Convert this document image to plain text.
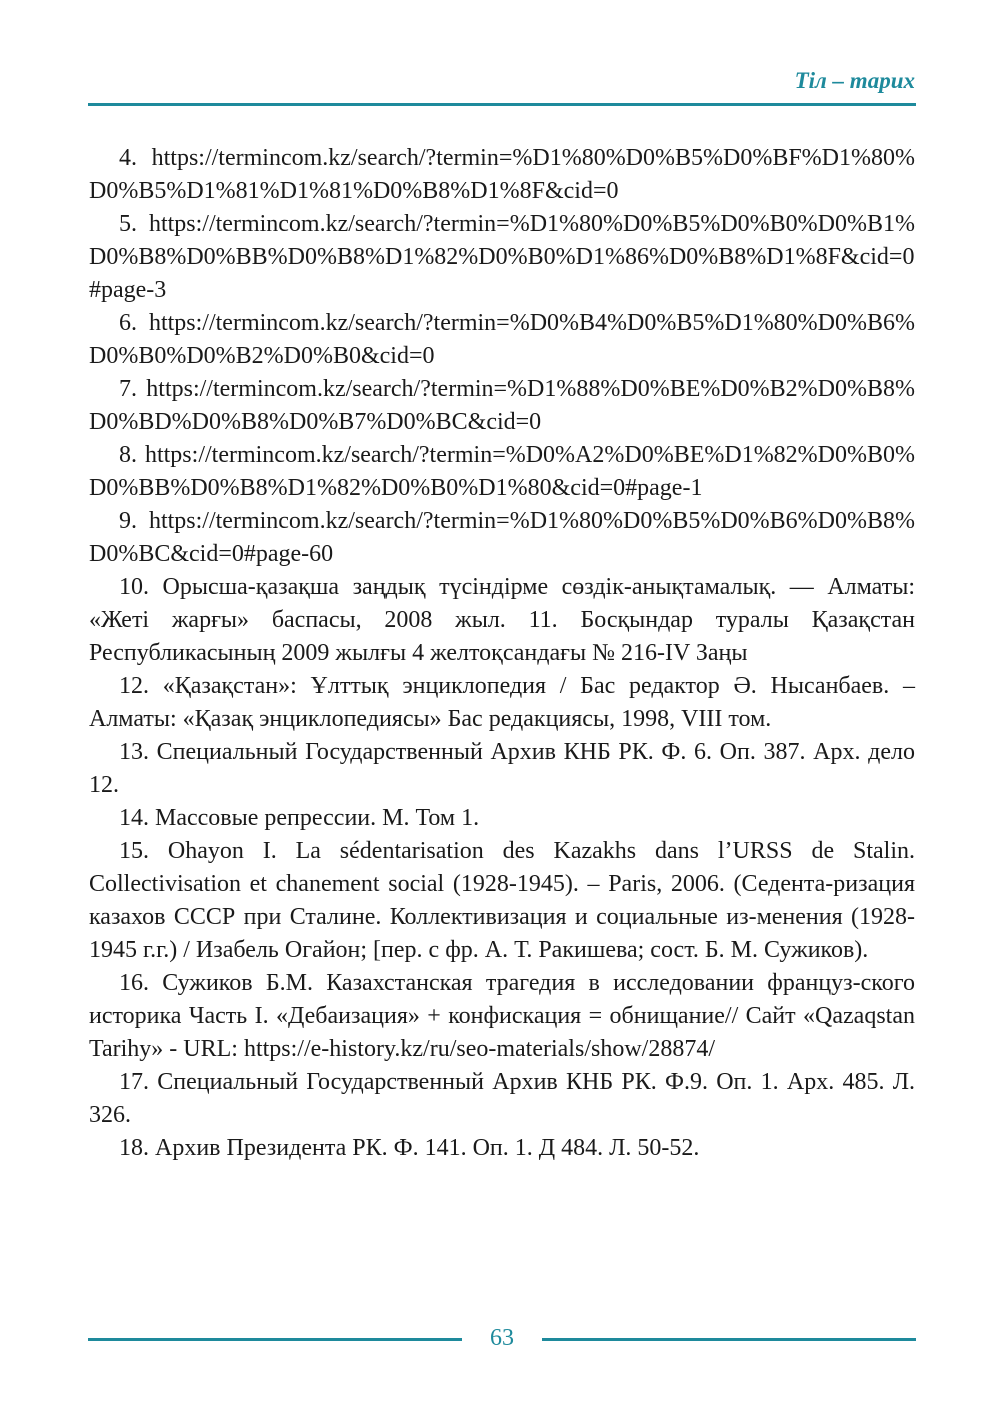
Тіл – тарих

4. https://termincom.kz/search/?termin=%D1%80%D0%B5%D0%BF%D1%80%D0%B5%D1%81%D1%81%D0%B8%D1%8F&cid=0

5. https://termincom.kz/search/?termin=%D1%80%D0%B5%D0%B0%D0%B1%D0%B8%D0%BB%D0%B8%D1%82%D0%B0%D1%86%D0%B8%D1%8F&cid=0#page-3

6. https://termincom.kz/search/?termin=%D0%B4%D0%B5%D1%80%D0%B6%D0%B0%D0%B2%D0%B0&cid=0

7. https://termincom.kz/search/?termin=%D1%88%D0%BE%D0%B2%D0%B8%D0%BD%D0%B8%D0%B7%D0%BC&cid=0

8. https://termincom.kz/search/?termin=%D0%A2%D0%BE%D1%82%D0%B0%D0%BB%D0%B8%D1%82%D0%B0%D1%80&cid=0#page-1

9. https://termincom.kz/search/?termin=%D1%80%D0%B5%D0%B6%D0%B8%D0%BC&cid=0#page-60

10. Орысша-қазақша заңдық түсіндірме сөздік-анықтамалық. — Алматы: «Жеті жарғы» баспасы, 2008 жыл. 11. Босқындар туралы Қазақстан Республикасының 2009 жылғы 4 желтоқсандағы № 216-IV Заңы

12. «Қазақстан»: Ұлттық энциклопедия / Бас редактор Ә. Нысанбаев. – Алматы: «Қазақ энциклопедиясы» Бас редакциясы, 1998, VIII том.

13. Специальный Государственный Архив КНБ РК. Ф. 6. Оп. 387. Арх. дело 12.

14. Массовые репрессии. М. Том 1.

15. Ohayon I. La sédentarisation des Kazakhs dans l’URSS de Stalin. Collectivisation et chanement social (1928-1945). – Paris, 2006. (Седента-ризация казахов СССР при Сталине. Коллективизация и социальные из-менения (1928-1945 г.г.) / Изабель Огайон; [пер. с фр. А. Т. Ракишева; сост. Б. М. Сужиков).

16. Сужиков Б.М. Казахстанская трагедия в исследовании француз-ского историка Часть I. «Дебаизация» + конфискация = обнищание// Сайт «Qazaqstan Tarihy» - URL: https://e-history.kz/ru/seo-materials/show/28874/

17. Специальный Государственный Архив КНБ РК. Ф.9. Оп. 1. Арх. 485. Л. 326.

18. Архив Президента РК. Ф. 141. Оп. 1. Д 484. Л. 50-52.

63
